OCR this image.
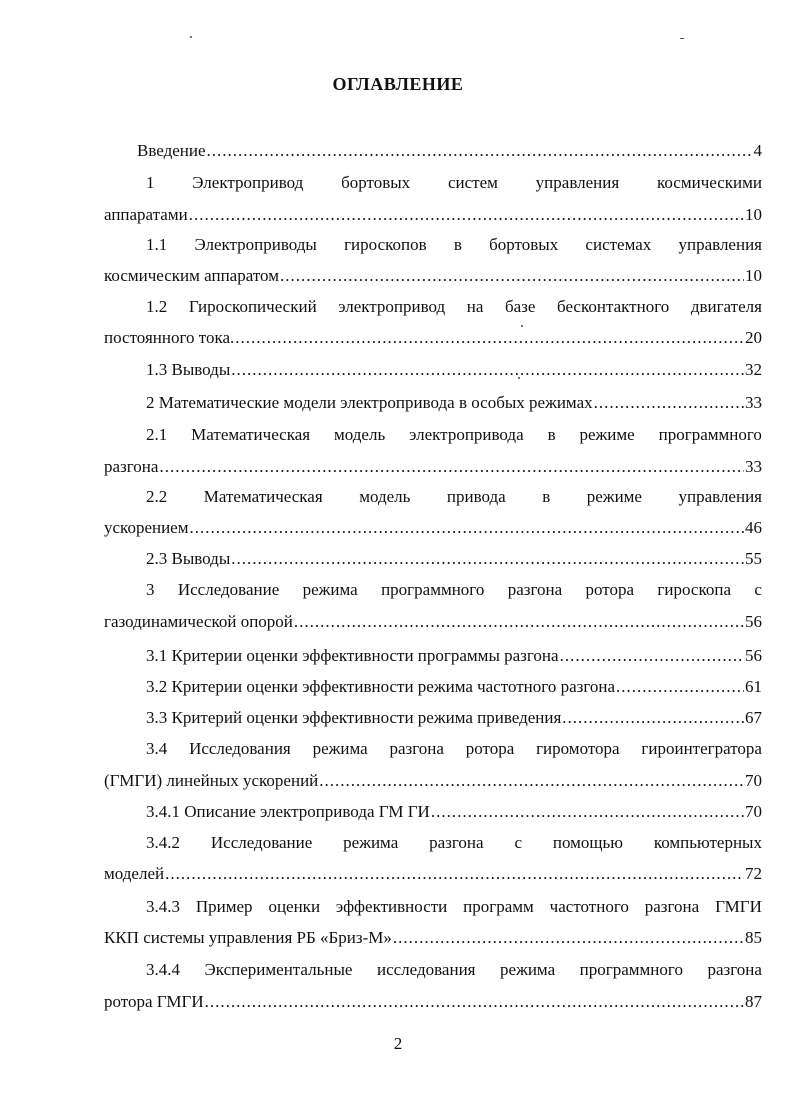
ОГЛАВЛЕНИЕ
Введение .....	4
1 Электропривод бортовых систем управления космическими
аппаратами .....	10
1.1 Электроприводы гироскопов в бортовых системах управления
космическим аппаратом .....	10
1.2 Гироскопический электропривод на базе бесконтактного двигателя
постоянного тока. .....	20
1.3 Выводы .....	32
2 Математические модели электропривода в особых режимах .....	33
2.1 Математическая модель электропривода в режиме программного
разгона .....	33
2.2 Математическая модель привода в режиме управления
ускорением .....	46
2.3 Выводы .....	55
3 Исследование режима программного разгона ротора гироскопа с
газодинамической опорой .....	56
3.1 Критерии оценки эффективности программы разгона .....	56
3.2 Критерии оценки эффективности режима частотного разгона .....	61
3.3 Критерий оценки эффективности режима приведения .....	67
3.4 Исследования режима разгона ротора гиромотора гироинтегратора
(ГМГИ) линейных ускорений .....	70
3.4.1 Описание электропривода ГМ ГИ .....	70
3.4.2 Исследование режима разгона с помощью компьютерных
моделей .....	72
3.4.3 Пример оценки эффективности программ частотного разгона ГМГИ
ККП системы управления РБ «Бриз-М» .....	85
3.4.4 Экспериментальные исследования режима программного разгона
ротора ГМГИ .....	87
2
